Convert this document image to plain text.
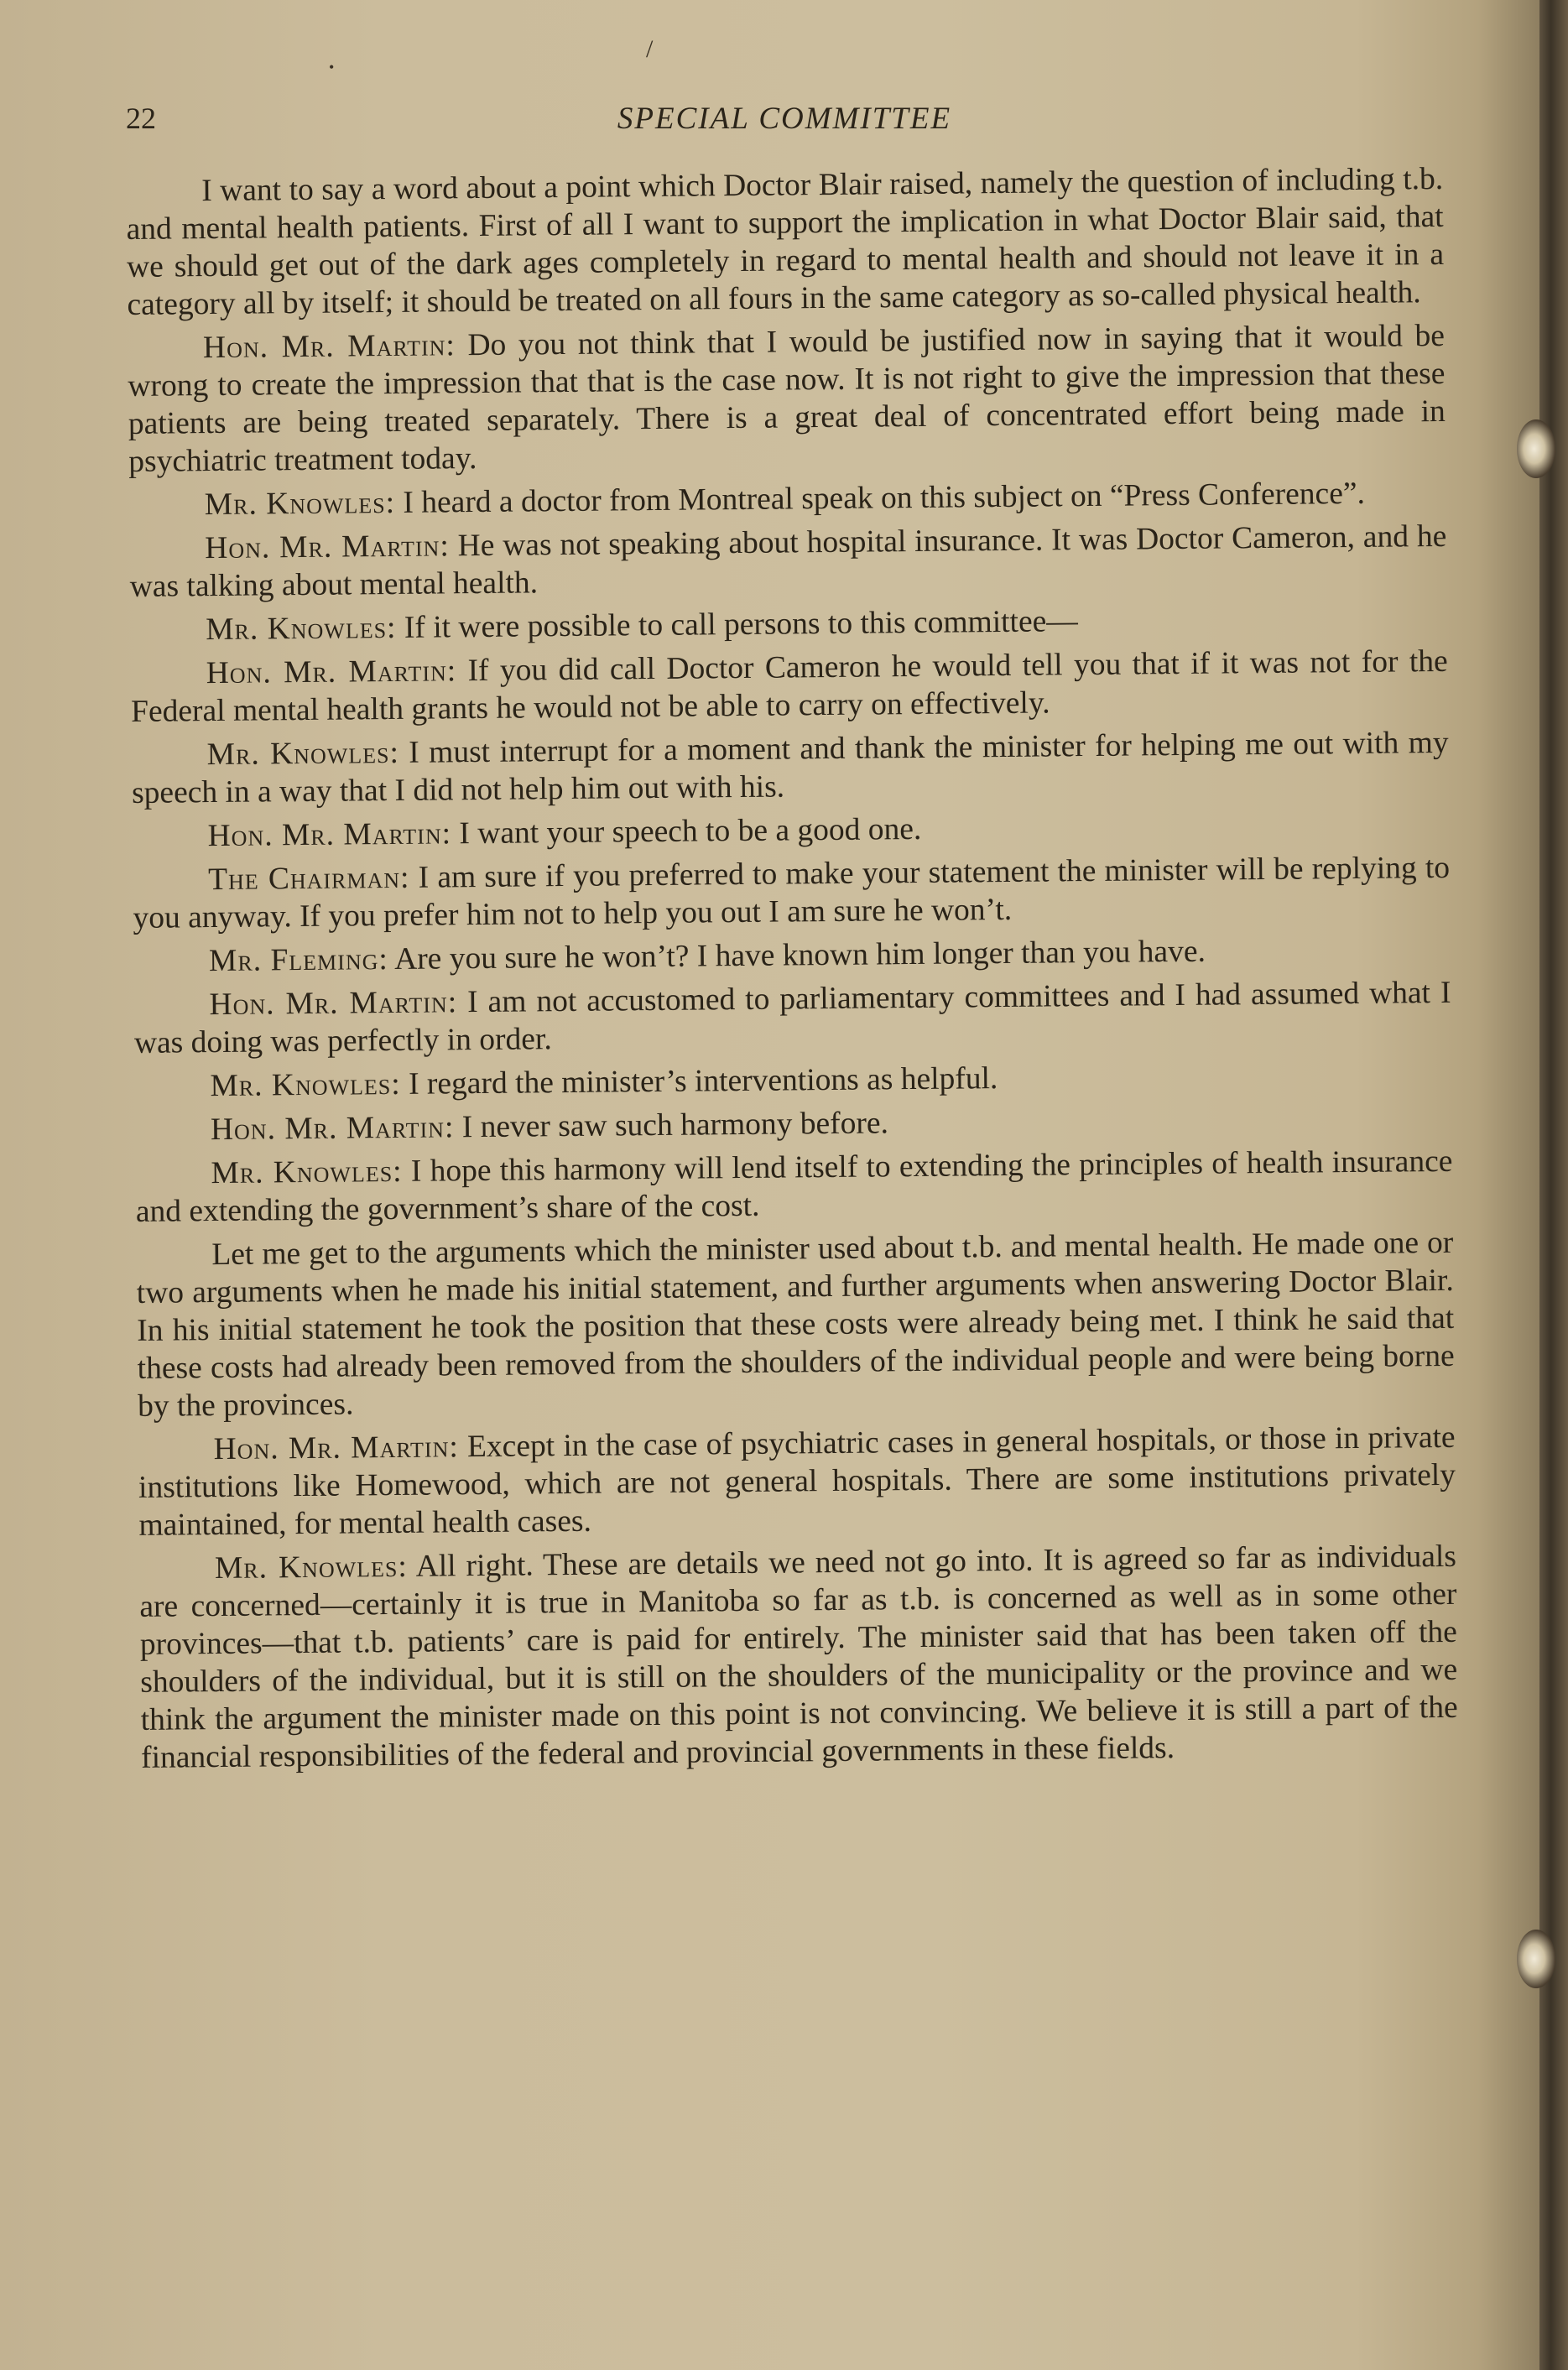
/
•
22	SPECIAL COMMITTEE

I want to say a word about a point which Doctor Blair raised, namely the question of including t.b. and mental health patients. First of all I want to support the implication in what Doctor Blair said, that we should get out of the dark ages completely in regard to mental health and should not leave it in a category all by itself; it should be treated on all fours in the same category as so-called physical health.

Hon. Mr. Martin: Do you not think that I would be justified now in saying that it would be wrong to create the impression that that is the case now. It is not right to give the impression that these patients are being treated separately. There is a great deal of concentrated effort being made in psychiatric treatment today.

Mr. Knowles: I heard a doctor from Montreal speak on this subject on “Press Conference”.

Hon. Mr. Martin: He was not speaking about hospital insurance. It was Doctor Cameron, and he was talking about mental health.

Mr. Knowles: If it were possible to call persons to this committee—

Hon. Mr. Martin: If you did call Doctor Cameron he would tell you that if it was not for the Federal mental health grants he would not be able to carry on effectively.

Mr. Knowles: I must interrupt for a moment and thank the minister for helping me out with my speech in a way that I did not help him out with his.

Hon. Mr. Martin: I want your speech to be a good one.

The Chairman: I am sure if you preferred to make your statement the minister will be replying to you anyway. If you prefer him not to help you out I am sure he won’t.

Mr. Fleming: Are you sure he won’t? I have known him longer than you have.

Hon. Mr. Martin: I am not accustomed to parliamentary committees and I had assumed what I was doing was perfectly in order.

Mr. Knowles: I regard the minister’s interventions as helpful.

Hon. Mr. Martin: I never saw such harmony before.

Mr. Knowles: I hope this harmony will lend itself to extending the principles of health insurance and extending the government’s share of the cost.

Let me get to the arguments which the minister used about t.b. and mental health. He made one or two arguments when he made his initial statement, and further arguments when answering Doctor Blair. In his initial statement he took the position that these costs were already being met. I think he said that these costs had already been removed from the shoulders of the individual people and were being borne by the provinces.

Hon. Mr. Martin: Except in the case of psychiatric cases in general hospitals, or those in private institutions like Homewood, which are not general hospitals. There are some institutions privately maintained, for mental health cases.

Mr. Knowles: All right. These are details we need not go into. It is agreed so far as individuals are concerned—certainly it is true in Manitoba so far as t.b. is concerned as well as in some other provinces—that t.b. patients’ care is paid for entirely. The minister said that has been taken off the shoulders of the individual, but it is still on the shoulders of the municipality or the province and we think the argument the minister made on this point is not convincing. We believe it is still a part of the financial responsibilities of the federal and provincial governments in these fields.
